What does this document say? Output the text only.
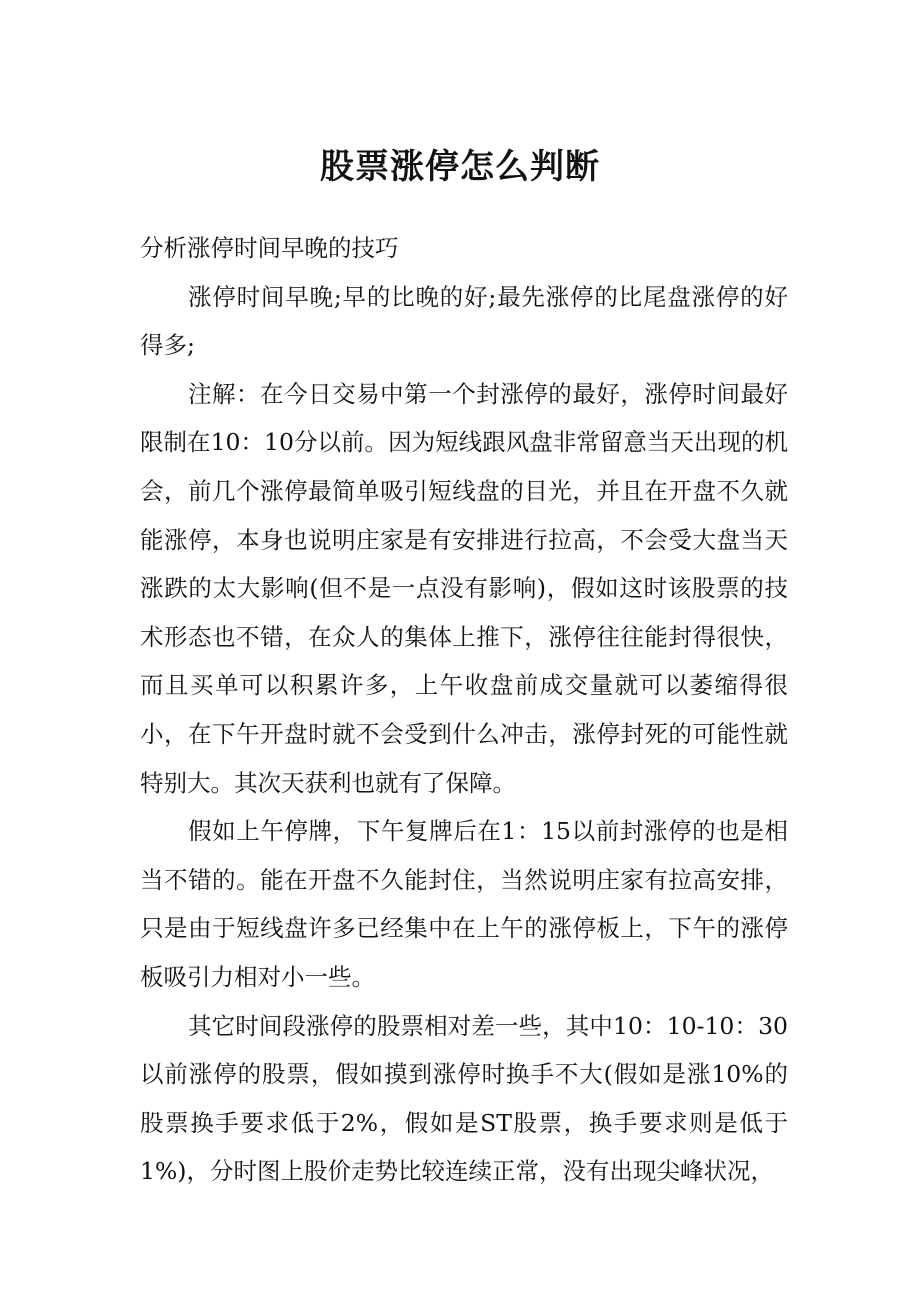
股票涨停怎么判断

分析涨停时间早晚的技巧

涨停时间早晚;早的比晚的好;最先涨停的比尾盘涨停的好得多;

注解：在今日交易中第一个封涨停的最好，涨停时间最好限制在10：10分以前。因为短线跟风盘非常留意当天出现的机会，前几个涨停最简单吸引短线盘的目光，并且在开盘不久就能涨停，本身也说明庄家是有安排进行拉高，不会受大盘当天涨跌的太大影响(但不是一点没有影响)，假如这时该股票的技术形态也不错，在众人的集体上推下，涨停往往能封得很快，而且买单可以积累许多，上午收盘前成交量就可以萎缩得很小，在下午开盘时就不会受到什么冲击，涨停封死的可能性就特别大。其次天获利也就有了保障。

假如上午停牌，下午复牌后在1：15以前封涨停的也是相当不错的。能在开盘不久能封住，当然说明庄家有拉高安排，只是由于短线盘许多已经集中在上午的涨停板上，下午的涨停板吸引力相对小一些。

其它时间段涨停的股票相对差一些，其中10：10-10：30以前涨停的股票，假如摸到涨停时换手不大(假如是涨10%的股票换手要求低于2%，假如是ST股票，换手要求则是低于1%)，分时图上股价走势比较连续正常，没有出现尖峰状况，
